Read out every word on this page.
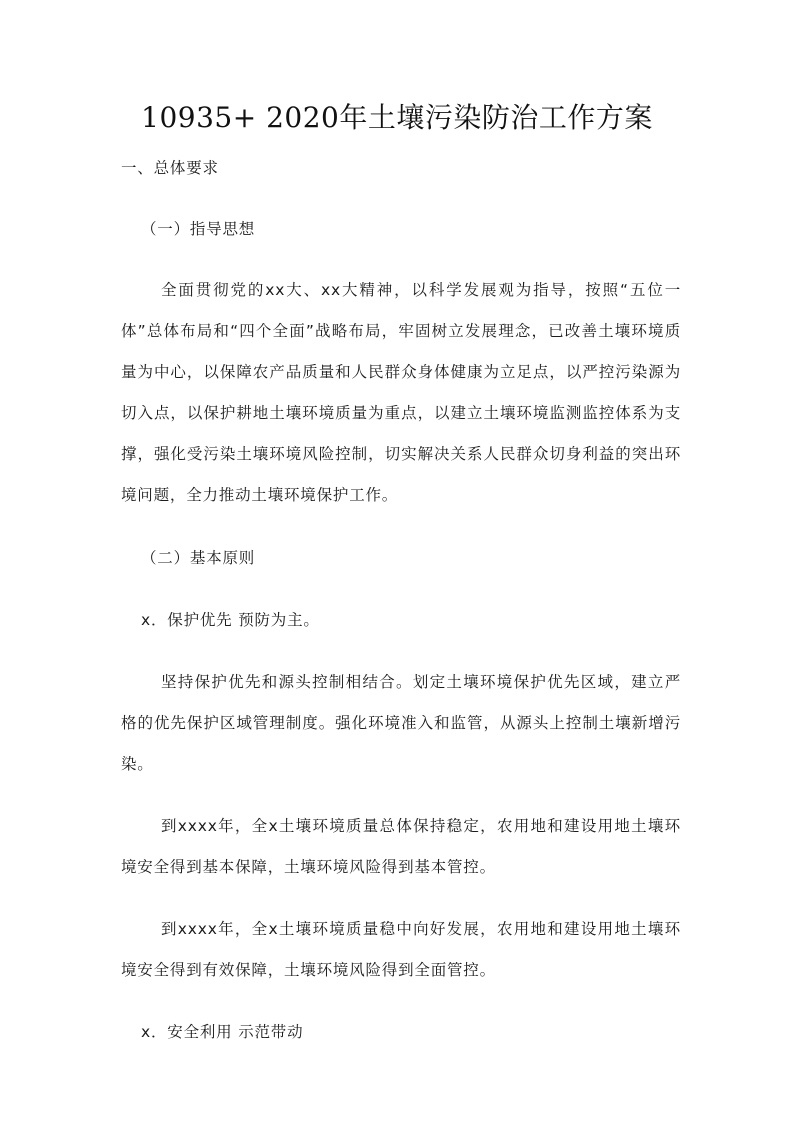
10935+ 2020年土壤污染防治工作方案

一、总体要求

（一）指导思想

全面贯彻党的xx大、xx大精神，以科学发展观为指导，按照“五位一体”总体布局和“四个全面”战略布局，牢固树立发展理念，已改善土壤环境质量为中心，以保障农产品质量和人民群众身体健康为立足点，以严控污染源为切入点，以保护耕地土壤环境质量为重点，以建立土壤环境监测监控体系为支撑，强化受污染土壤环境风险控制，切实解决关系人民群众切身利益的突出环境问题，全力推动土壤环境保护工作。

（二）基本原则

x．保护优先 预防为主。

坚持保护优先和源头控制相结合。划定土壤环境保护优先区域，建立严格的优先保护区域管理制度。强化环境准入和监管，从源头上控制土壤新增污染。

到xxxx年，全x土壤环境质量总体保持稳定，农用地和建设用地土壤环境安全得到基本保障，土壤环境风险得到基本管控。

到xxxx年，全x土壤环境质量稳中向好发展，农用地和建设用地土壤环境安全得到有效保障，土壤环境风险得到全面管控。

x．安全利用 示范带动
